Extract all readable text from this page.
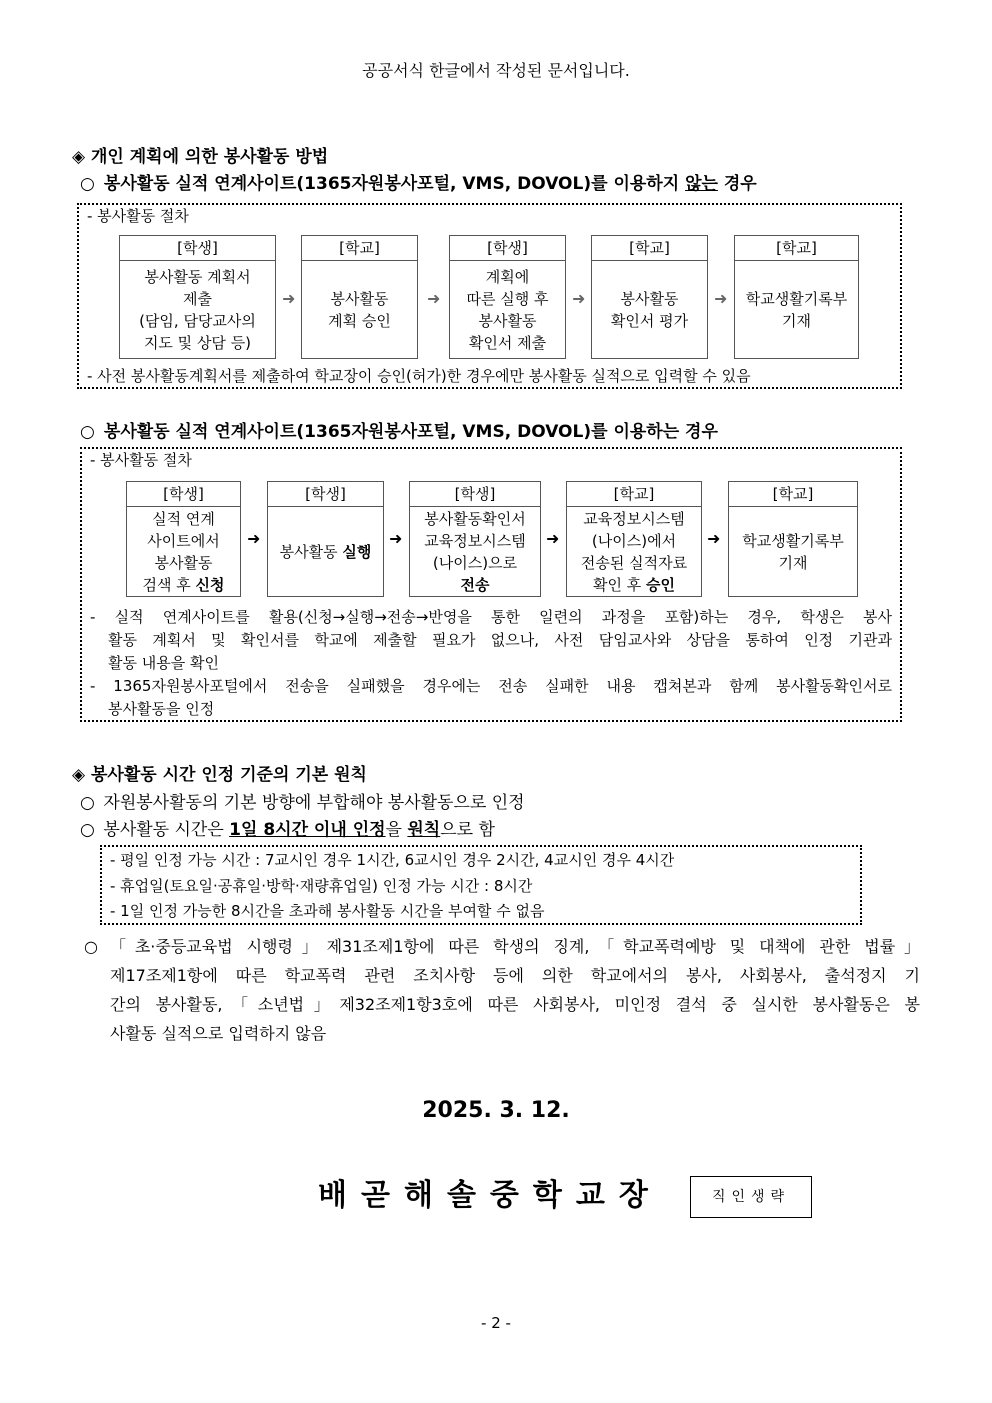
공공서식 한글에서 작성된 문서입니다.
◈ 개인 계획에 의한 봉사활동 방법
○ 봉사활동 실적 연계사이트(1365자원봉사포털, VMS, DOVOL)를 이용하지 않는 경우
- 봉사활동 절차
[학생]
봉사활동 계획서
제출
(담임, 담당교사의
지도 및 상담 등)
➜
[학교]
봉사활동
계획 승인
➜
[학생]
계획에
따른 실행 후
봉사활동
확인서 제출
➜
[학교]
봉사활동
확인서 평가
➜
[학교]
학교생활기록부
기재
- 사전 봉사활동계획서를 제출하여 학교장이 승인(허가)한 경우에만 봉사활동 실적으로 입력할 수 있음
○ 봉사활동 실적 연계사이트(1365자원봉사포털, VMS, DOVOL)를 이용하는 경우
- 봉사활동 절차
[학생]
실적 연계
사이트에서
봉사활동
검색 후 신청
➜
[학생]
봉사활동 실행
➜
[학생]
봉사활동확인서
교육정보시스템
(나이스)으로
전송
➜
[학교]
교육정보시스템
(나이스)에서
전송된 실적자료
확인 후 승인
➜
[학교]
학교생활기록부
기재
- 실적 연계사이트를 활용(신청→실행→전송→반영을 통한 일련의 과정을 포함)하는 경우, 학생은 봉사
활동 계획서 및 확인서를 학교에 제출할 필요가 없으나, 사전 담임교사와 상담을 통하여 인정 기관과
활동 내용을 확인
- 1365자원봉사포털에서 전송을 실패했을 경우에는 전송 실패한 내용 캡쳐본과 함께 봉사활동확인서로
봉사활동을 인정
◈ 봉사활동 시간 인정 기준의 기본 원칙
○ 자원봉사활동의 기본 방향에 부합해야 봉사활동으로 인정
○ 봉사활동 시간은 1일 8시간 이내 인정을 원칙으로 함
- 평일 인정 가능 시간 : 7교시인 경우 1시간, 6교시인 경우 2시간, 4교시인 경우 4시간
- 휴업일(토요일·공휴일·방학·재량휴업일) 인정 가능 시간 : 8시간
- 1일 인정 가능한 8시간을 초과해 봉사활동 시간을 부여할 수 없음
○ 「초·중등교육법 시행령」제31조제1항에 따른 학생의 징계,「학교폭력예방 및 대책에 관한 법률」
제17조제1항에 따른 학교폭력 관련 조치사항 등에 의한 학교에서의 봉사, 사회봉사, 출석정지 기
간의 봉사활동,「소년법」제32조제1항3호에 따른 사회봉사, 미인정 결석 중 실시한 봉사활동은 봉
사활동 실적으로 입력하지 않음
2025. 3. 12.
배곧해솔중학교장	직인생략
- 2 -
